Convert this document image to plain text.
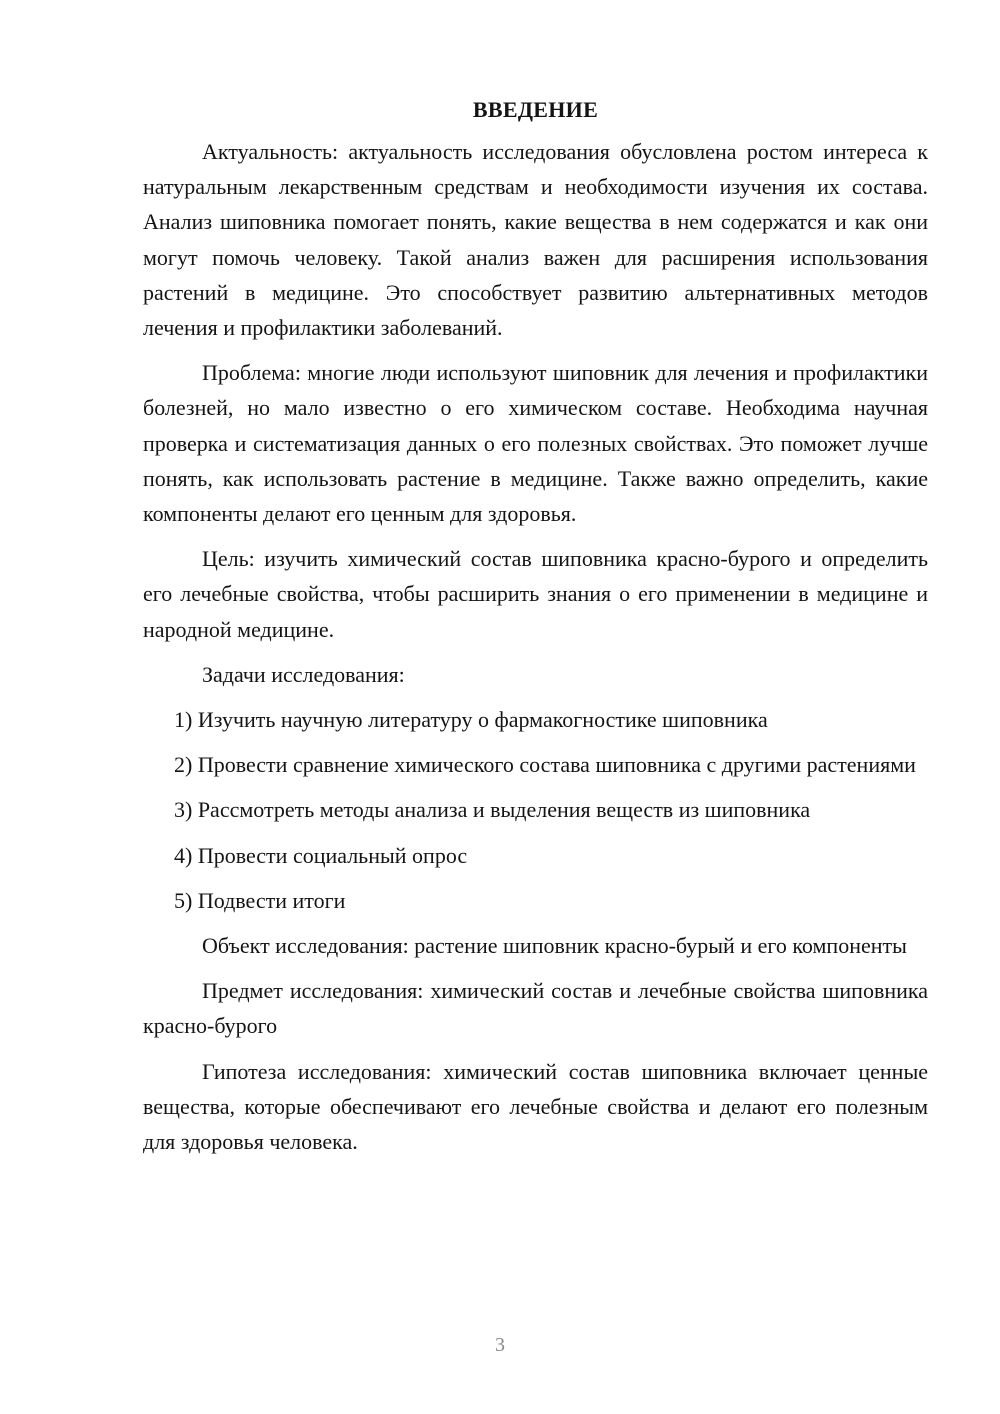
ВВЕДЕНИЕ

Актуальность: актуальность исследования обусловлена ростом интереса к натуральным лекарственным средствам и необходимости изучения их состава. Анализ шиповника помогает понять, какие вещества в нем содержатся и как они могут помочь человеку. Такой анализ важен для расширения использования растений в медицине. Это способствует развитию альтернативных методов лечения и профилактики заболеваний.

Проблема: многие люди используют шиповник для лечения и профилактики болезней, но мало известно о его химическом составе. Необходима научная проверка и систематизация данных о его полезных свойствах. Это поможет лучше понять, как использовать растение в медицине. Также важно определить, какие компоненты делают его ценным для здоровья.

Цель: изучить химический состав шиповника красно-бурого и определить его лечебные свойства, чтобы расширить знания о его применении в медицине и народной медицине.

Задачи исследования:

1) Изучить научную литературу о фармакогностике шиповника

2) Провести сравнение химического состава шиповника с другими растениями

3) Рассмотреть методы анализа и выделения веществ из шиповника

4) Провести социальный опрос

5) Подвести итоги

Объект исследования: растение шиповник красно-бурый и его компоненты

Предмет исследования: химический состав и лечебные свойства шиповника красно-бурого

Гипотеза исследования: химический состав шиповника включает ценные вещества, которые обеспечивают его лечебные свойства и делают его полезным для здоровья человека.

3
